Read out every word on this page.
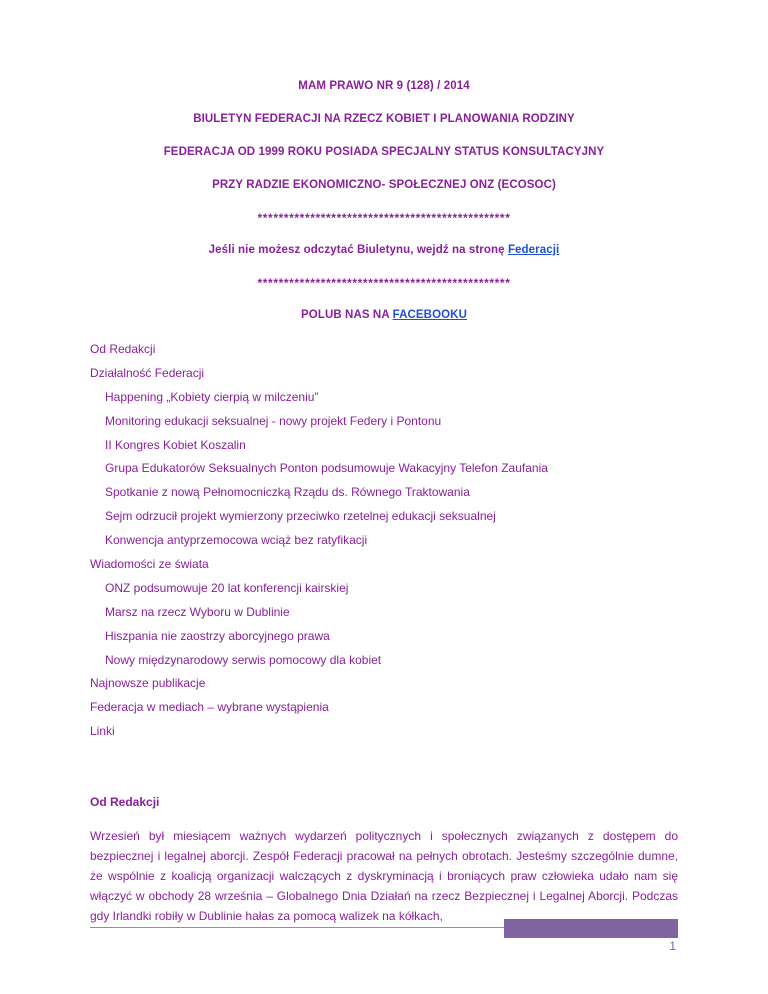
MAM PRAWO NR 9 (128) / 2014
BIULETYN FEDERACJI NA RZECZ KOBIET I PLANOWANIA RODZINY
FEDERACJA OD 1999 ROKU POSIADA SPECJALNY STATUS KONSULTACYJNY
PRZY RADZIE EKONOMICZNO- SPOŁECZNEJ ONZ (ECOSOC)
************************************************
Jeśli nie możesz odczytać Biuletynu, wejdź na stronę Federacji
************************************************
POLUB NAS NA FACEBOOKU
Od Redakcji
Działalność Federacji
Happening „Kobiety cierpią w milczeniu”
Monitoring edukacji seksualnej - nowy projekt Federy i Pontonu
II Kongres Kobiet Koszalin
Grupa Edukatorów Seksualnych Ponton podsumowuje Wakacyjny Telefon Zaufania
Spotkanie z nową Pełnomocniczką Rządu ds. Równego Traktowania
Sejm odrzucił projekt wymierzony przeciwko rzetelnej edukacji seksualnej
Konwencja antyprzemocowa wciąż bez ratyfikacji
Wiadomości ze świata
ONZ podsumowuje 20 lat konferencji kairskiej
Marsz na rzecz Wyboru w Dublinie
Hiszpania nie zaostrzy aborcyjnego prawa
Nowy międzynarodowy serwis pomocowy dla kobiet
Najnowsze publikacje
Federacja w mediach – wybrane wystąpienia
Linki
Od Redakcji
Wrzesień był miesiącem ważnych wydarzeń politycznych i społecznych związanych z dostępem do bezpiecznej i legalnej aborcji. Zespół Federacji pracował na pełnych obrotach. Jesteśmy szczególnie dumne, że wspólnie z koalicją organizacji walczących z dyskryminacją i broniących praw człowieka udało nam się włączyć w obchody 28 września – Globalnego Dnia Działań na rzecz Bezpiecznej i Legalnej Aborcji. Podczas gdy Irlandki robiły w Dublinie hałas za pomocą walizek na kółkach,
1
